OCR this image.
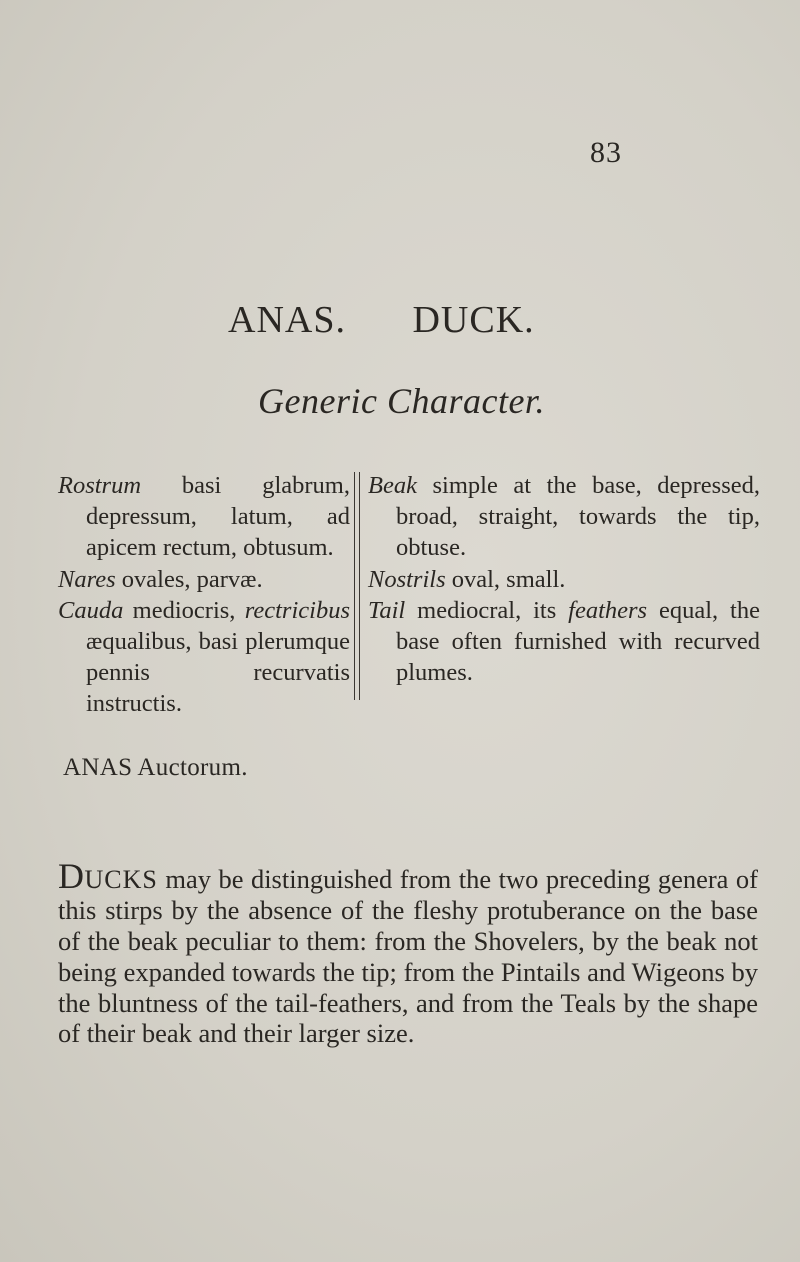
83
ANAS. DUCK.
Generic Character.

Rostrum basi glabrum, depressum, latum, ad apicem rectum, obtusum.

Nares ovales, parvæ.

Cauda mediocris, rectricibus æqualibus, basi plerumque pennis recurvatis instructis.

Beak simple at the base, depressed, broad, straight, towards the tip, obtuse.

Nostrils oval, small.

Tail mediocral, its feathers equal, the base often furnished with recurved plumes.

ANAS Auctorum.

DUCKS may be distinguished from the two preceding genera of this stirps by the absence of the fleshy protuberance on the base of the beak peculiar to them: from the Shovelers, by the beak not being expanded towards the tip; from the Pintails and Wigeons by the bluntness of the tail-feathers, and from the Teals by the shape of their beak and their larger size.
